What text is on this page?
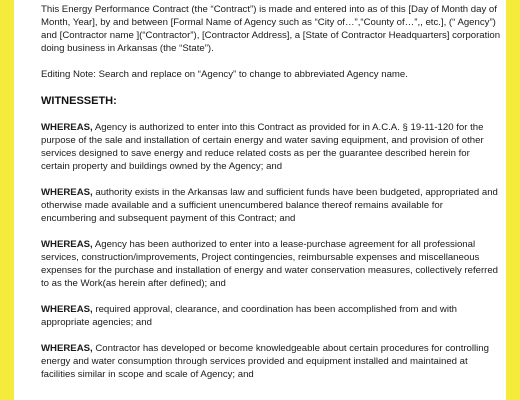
This Energy Performance Contract (the “Contract”) is made and entered into as of this [Day of Month day of Month, Year], by and between [Formal Name of Agency such as “City of…”,“County of…”,, etc.], (“ Agency”) and [Contractor name ](“Contractor”), [Contractor Address], a [State of Contractor Headquarters] corporation doing business in Arkansas (the “State”).

Editing Note: Search and replace on “Agency” to change to abbreviated Agency name.

WITNESSETH:

WHEREAS, Agency is authorized to enter into this Contract as provided for in A.C.A. § 19-11-120 for the purpose of the sale and installation of certain energy and water saving equipment, and provision of other services designed to save energy and reduce related costs as per the guarantee described herein for certain property and buildings owned by the Agency; and

WHEREAS, authority exists in the Arkansas law and sufficient funds have been budgeted, appropriated and otherwise made available and a sufficient unencumbered balance thereof remains available for encumbering and subsequent payment of this Contract; and

WHEREAS, Agency has been authorized to enter into a lease-purchase agreement for all professional services, construction/improvements, Project contingencies, reimbursable expenses and miscellaneous expenses for the purchase and installation of energy and water conservation measures, collectively referred to as the Work(as herein after defined); and

WHEREAS, required approval, clearance, and coordination has been accomplished from and with appropriate agencies; and

WHEREAS, Contractor has developed or become knowledgeable about certain procedures for controlling energy and water consumption through services provided and equipment installed and maintained at facilities similar in scope and scale of Agency; and
